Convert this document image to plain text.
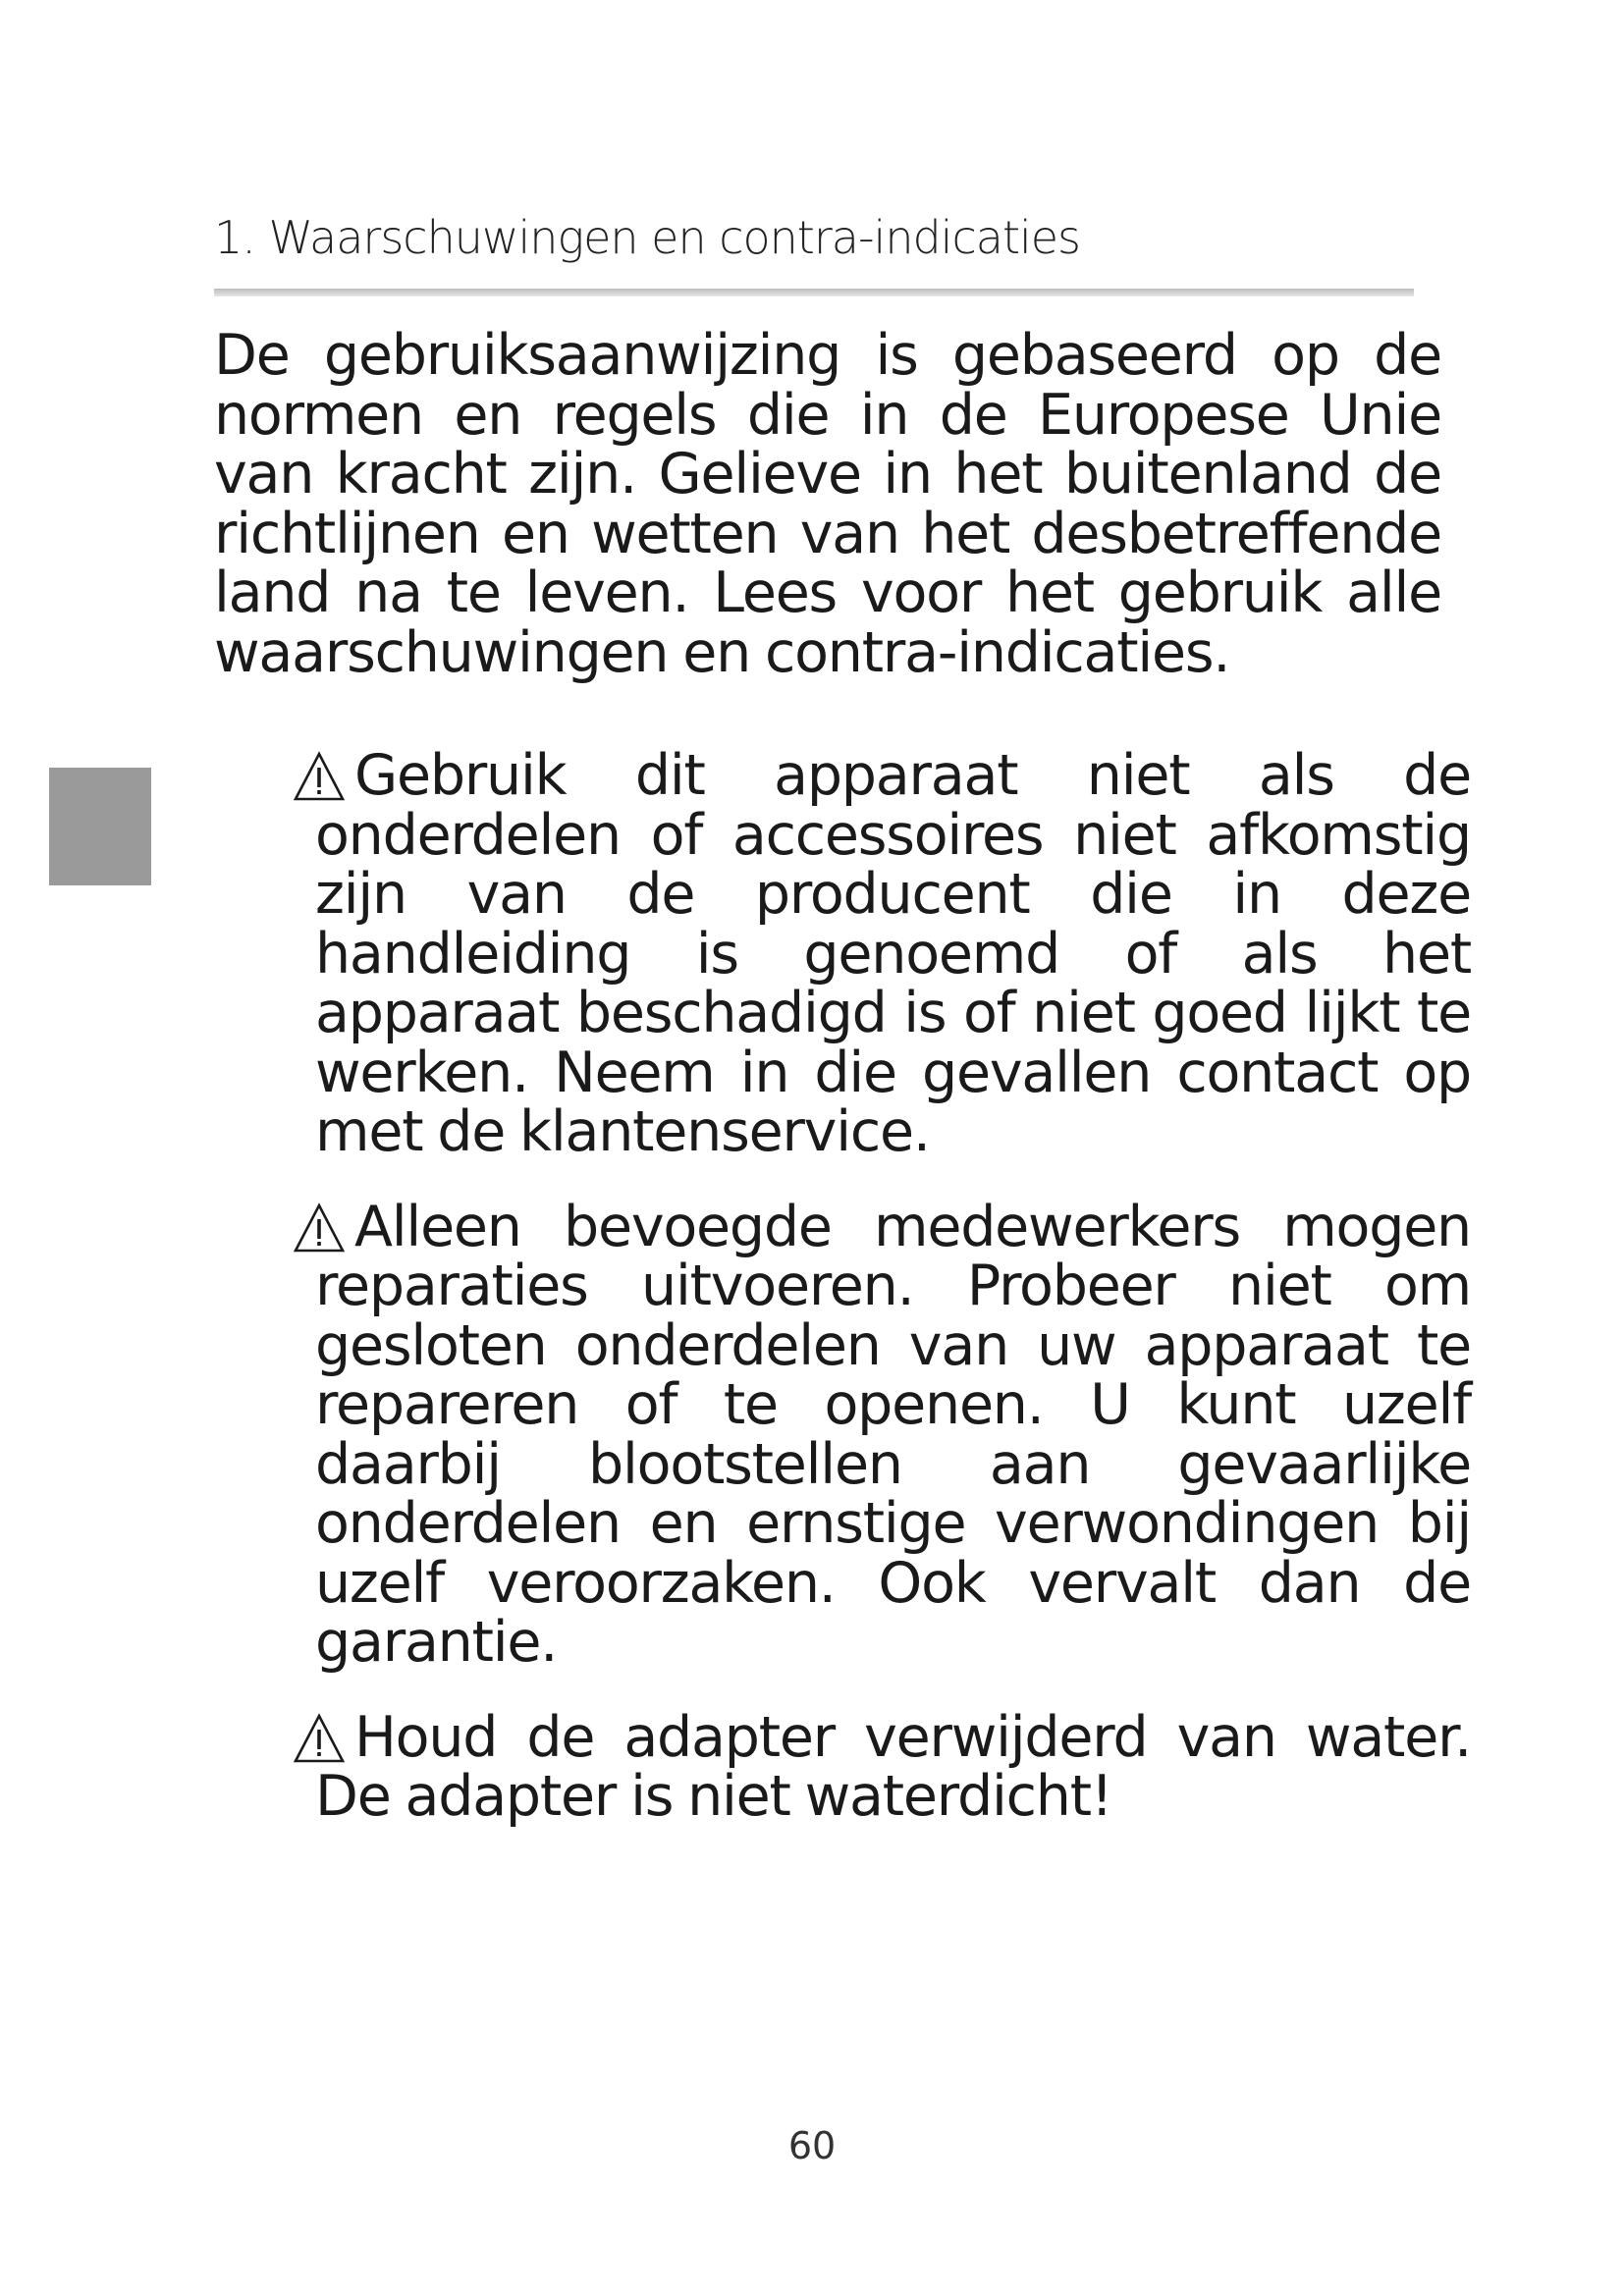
1. Waarschuwingen en contra-indicaties

De gebruiksaanwijzing is gebaseerd op de normen en regels die in de Europese Unie van kracht zijn. Gelieve in het buitenland de richtlijnen en wetten van het desbetreffende land na te leven. Lees voor het gebruik alle waarschuwingen en contra-indicaties.

Gebruik dit apparaat niet als de onderdelen of accessoires niet afkomstig zijn van de producent die in deze handleiding is genoemd of als het apparaat beschadigd is of niet goed lijkt te werken. Neem in die gevallen contact op met de klantenservice.

Alleen bevoegde medewerkers mogen reparaties uitvoeren. Probeer niet om gesloten onderdelen van uw apparaat te repareren of te openen. U kunt uzelf daarbij blootstellen aan gevaarlijke onderdelen en ernstige verwondingen bij uzelf veroorzaken. Ook vervalt dan de garantie.

Houd de adapter verwijderd van water. De adapter is niet waterdicht!

60
